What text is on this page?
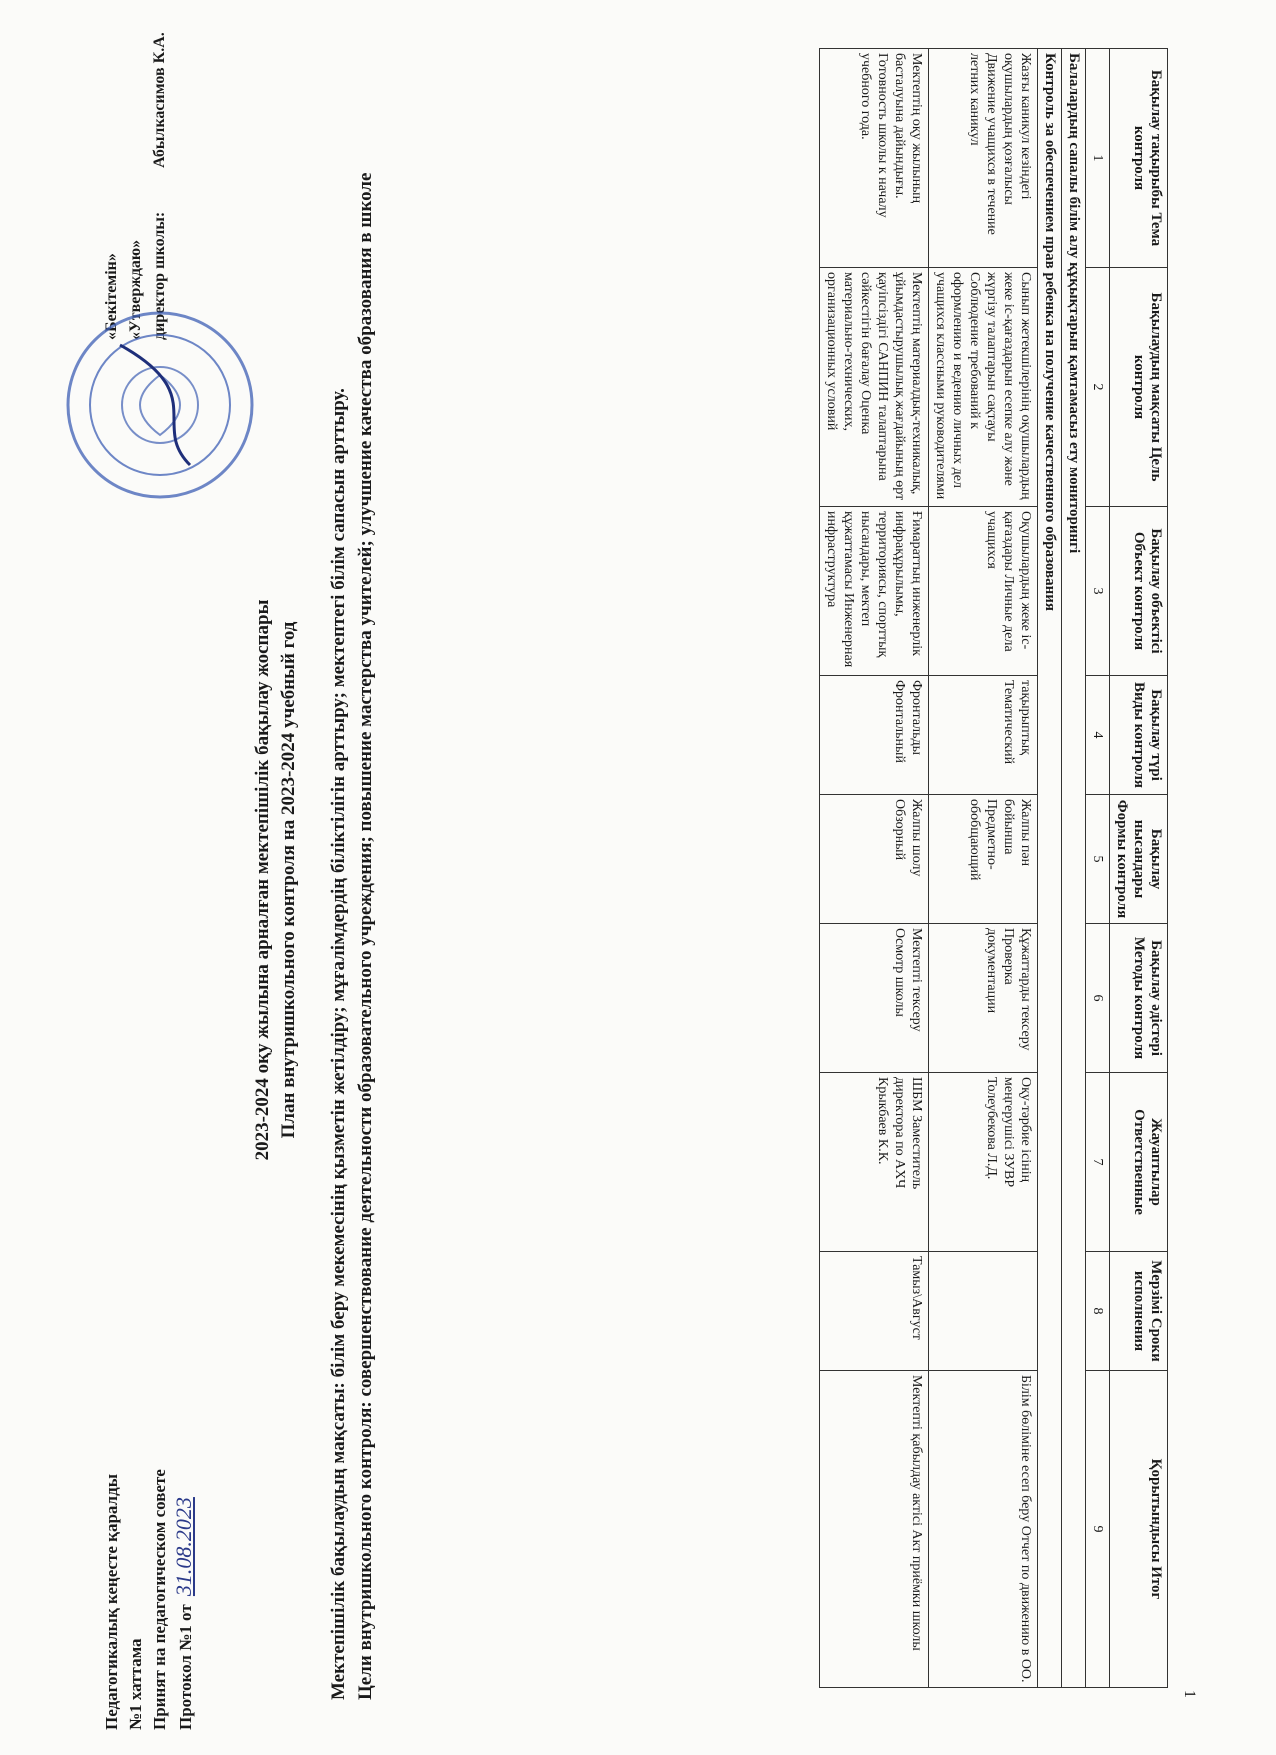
1
Бақылау тақырыбы Тема контроля	Бақылаудың мақсаты Цель контроля	Бақылау объектісі Объект контроля	Бақылау түрі Виды контроля	Бақылау нысандары Формы контроля	Бақылау әдістері Методы контроля	Жауаптылар Ответственные	Мерзімі Сроки исполнения	Қорытындысы Итог
1	2	3	4	5	6	7	8	9
Балалардың сапалы білім алу құқықтарын қамтамасыз ету мониторингі								
Контроль за обеспечением прав ребенка на получение качественного образования								
Жазғы каникул кезіндегі оқушылардың қозғалысы Движение учащихся в течение летних каникул	Сынып жетекшілерінің оқушылардың жеке іс-қағаздарын есепке алу және жүргізу талаптарын сақтауы Соблюдение требований к оформлению и ведению личных дел учащихся классными руководителями	Оқушылардың жеке іс-қағаздары Личные дела учащихся	тақырыптық Тематический	Жалпы пән бойынша Предметно-обобщающий	Құжаттарды тексеру Проверка документации	Оқу-тәрбие ісінің меңгерушісі ЗУВР Толеубекова Л.Д.		Білім бөліміне есеп беру Отчет по движению в ОО.
Мектептің оқу жылының басталуына дайындығы. Готовность школы к началу учебного года.	Мектептің материалдық-техникалық, ұйымдастырушылық жағдайының өрт қауіпсіздігі САНПИН талаптарына сәйкестігін бағалау Оценка материально-технических, организационных условий	Ғимараттың инженерлік инфрақұрылымы, территориясы, спорттық нысандары, мектеп құжаттамасы Инженерная инфраструктура	Фронтальды Фронтальный	Жалпы шолу Обзорный	Мектепті тексеру Осмотр школы	ШБМ Заместитель директора по АХЧ Крыкбаев К.К.	Тамыз\Август	Мектепті қабылдау актісі Акт приёмки школы
Педагогикалық кеңесте қаралды №1 хаттама Принят на педагогическом совете Протокол №1 от 31.08.2023
«Бекітемін» «Утверждаю» директор школы: Абылкасимов К.А.
2023-2024 оқу жылына арналған мектепішілік бақылау жоспары План внутришкольного контроля на 2023-2024 учебный год Мектепішілік бақылаудың мақсаты: білім беру мекемесінің қызметін жетілдіру; мұғалімдердің біліктілігін арттыру; мектептегі білім сапасын арттыру. Цели внутришкольного контроля: совершенствование деятельности образовательного учреждения; повышение мастерства учителей; улучшение качества образования в школе
